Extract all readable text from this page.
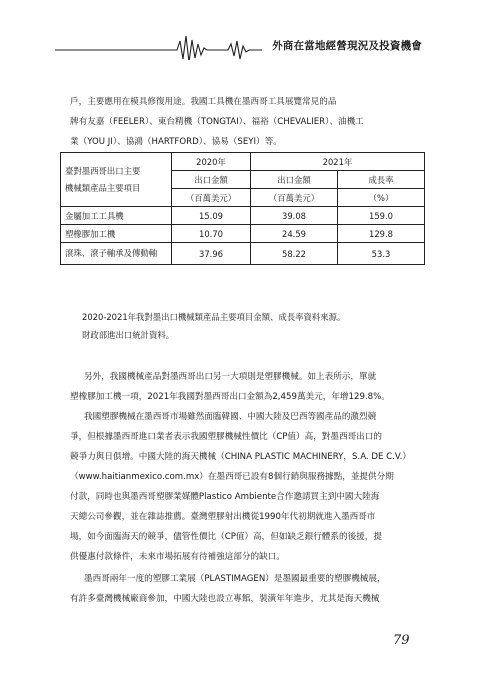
外商在當地經營現況及投資機會

戶，主要應用在模具修復用途。我國工具機在墨西哥工具展覽常見的品

牌有友嘉（FEELER）、東台精機（TONGTAI）、福裕（CHEVALIER）、油機工

業（YOU JI）、協鴻（HARTFORD）、協易（SEYI）等。

臺對墨西哥出口主要
機械類產品主要項目	2020年	2021年	
	出口金額	出口金額	成長率
	（百萬美元）	（百萬美元）	（%）
金屬加工工具機	15.09	39.08	159.0
塑橡膠加工機	10.70	24.59	129.8
滾珠、滾子軸承及傳動軸	37.96	58.22	53.3

2020-2021年我對墨出口機械類產品主要項目金額、成長率資料來源。

財政部進出口統計資料。

另外，我國機械產品對墨西哥出口另一大項則是塑膠機械。如上表所示，單就

塑橡膠加工機一項，2021年我國對墨西哥出口金額為2,459萬美元，年增129.8%。

我國塑膠機械在墨西哥市場雖然面臨韓國、中國大陸及巴西等國產品的激烈競

爭，但根據墨西哥進口業者表示我國塑膠機械性價比（CP值）高，對墨西哥出口的

競爭力與日俱增。中國大陸的海天機械（CHINA PLASTIC MACHINERY，S.A. DE C.V.）

（www.haitianmexico.com.mx）在墨西哥已設有8個行銷與服務據點，並提供分期

付款，同時也與墨西哥塑膠業媒體Plastico Ambiente合作邀請買主到中國大陸海

天總公司參觀，並在雜誌推薦。臺灣塑膠射出機從1990年代初期就進入墨西哥市

場，如今面臨海天的競爭，儘管性價比（CP值）高，但如缺乏銀行體系的後援，提

供優惠付款條件，未來市場拓展有待補強這部分的缺口。

墨西哥兩年一度的塑膠工業展（PLASTIMAGEN）是墨國最重要的塑膠機械展，

有許多臺灣機械廠商參加，中國大陸也設立專館，裝潢年年進步，尤其是海天機械

79
